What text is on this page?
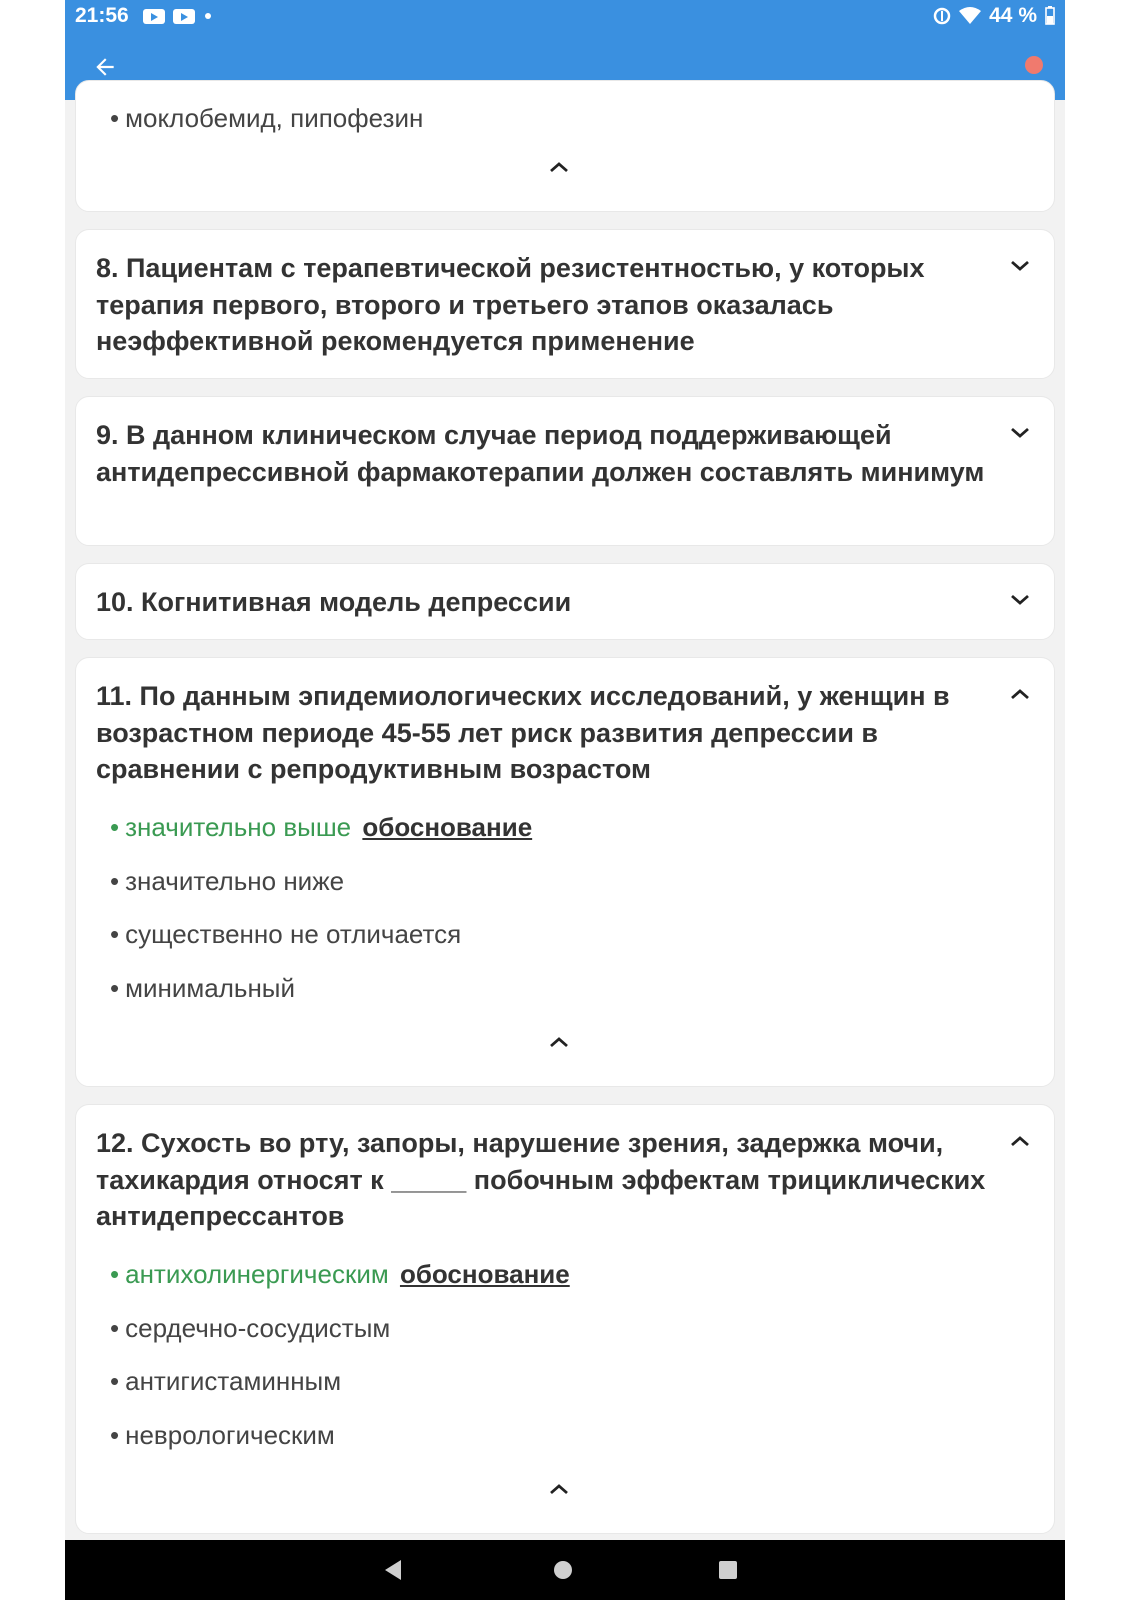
21:56	44 %
• моклобемид, пипофезин
8. Пациентам с терапевтической резистентностью, у которых терапия первого, второго и третьего этапов оказалась неэффективной рекомендуется применение
9. В данном клиническом случае период поддерживающей антидепрессивной фармакотерапии должен составлять минимум
10. Когнитивная модель депрессии
11. По данным эпидемиологических исследований, у женщин в возрастном периоде 45-55 лет риск развития депрессии в сравнении с репродуктивным возрастом
• значительно выше обоснование
• значительно ниже
• существенно не отличается
• минимальный
12. Сухость во рту, запоры, нарушение зрения, задержка мочи, тахикардия относят к _____ побочным эффектам трициклических антидепрессантов
• антихолинергическим обоснование
• сердечно-сосудистым
• антигистаминным
• неврологическим
